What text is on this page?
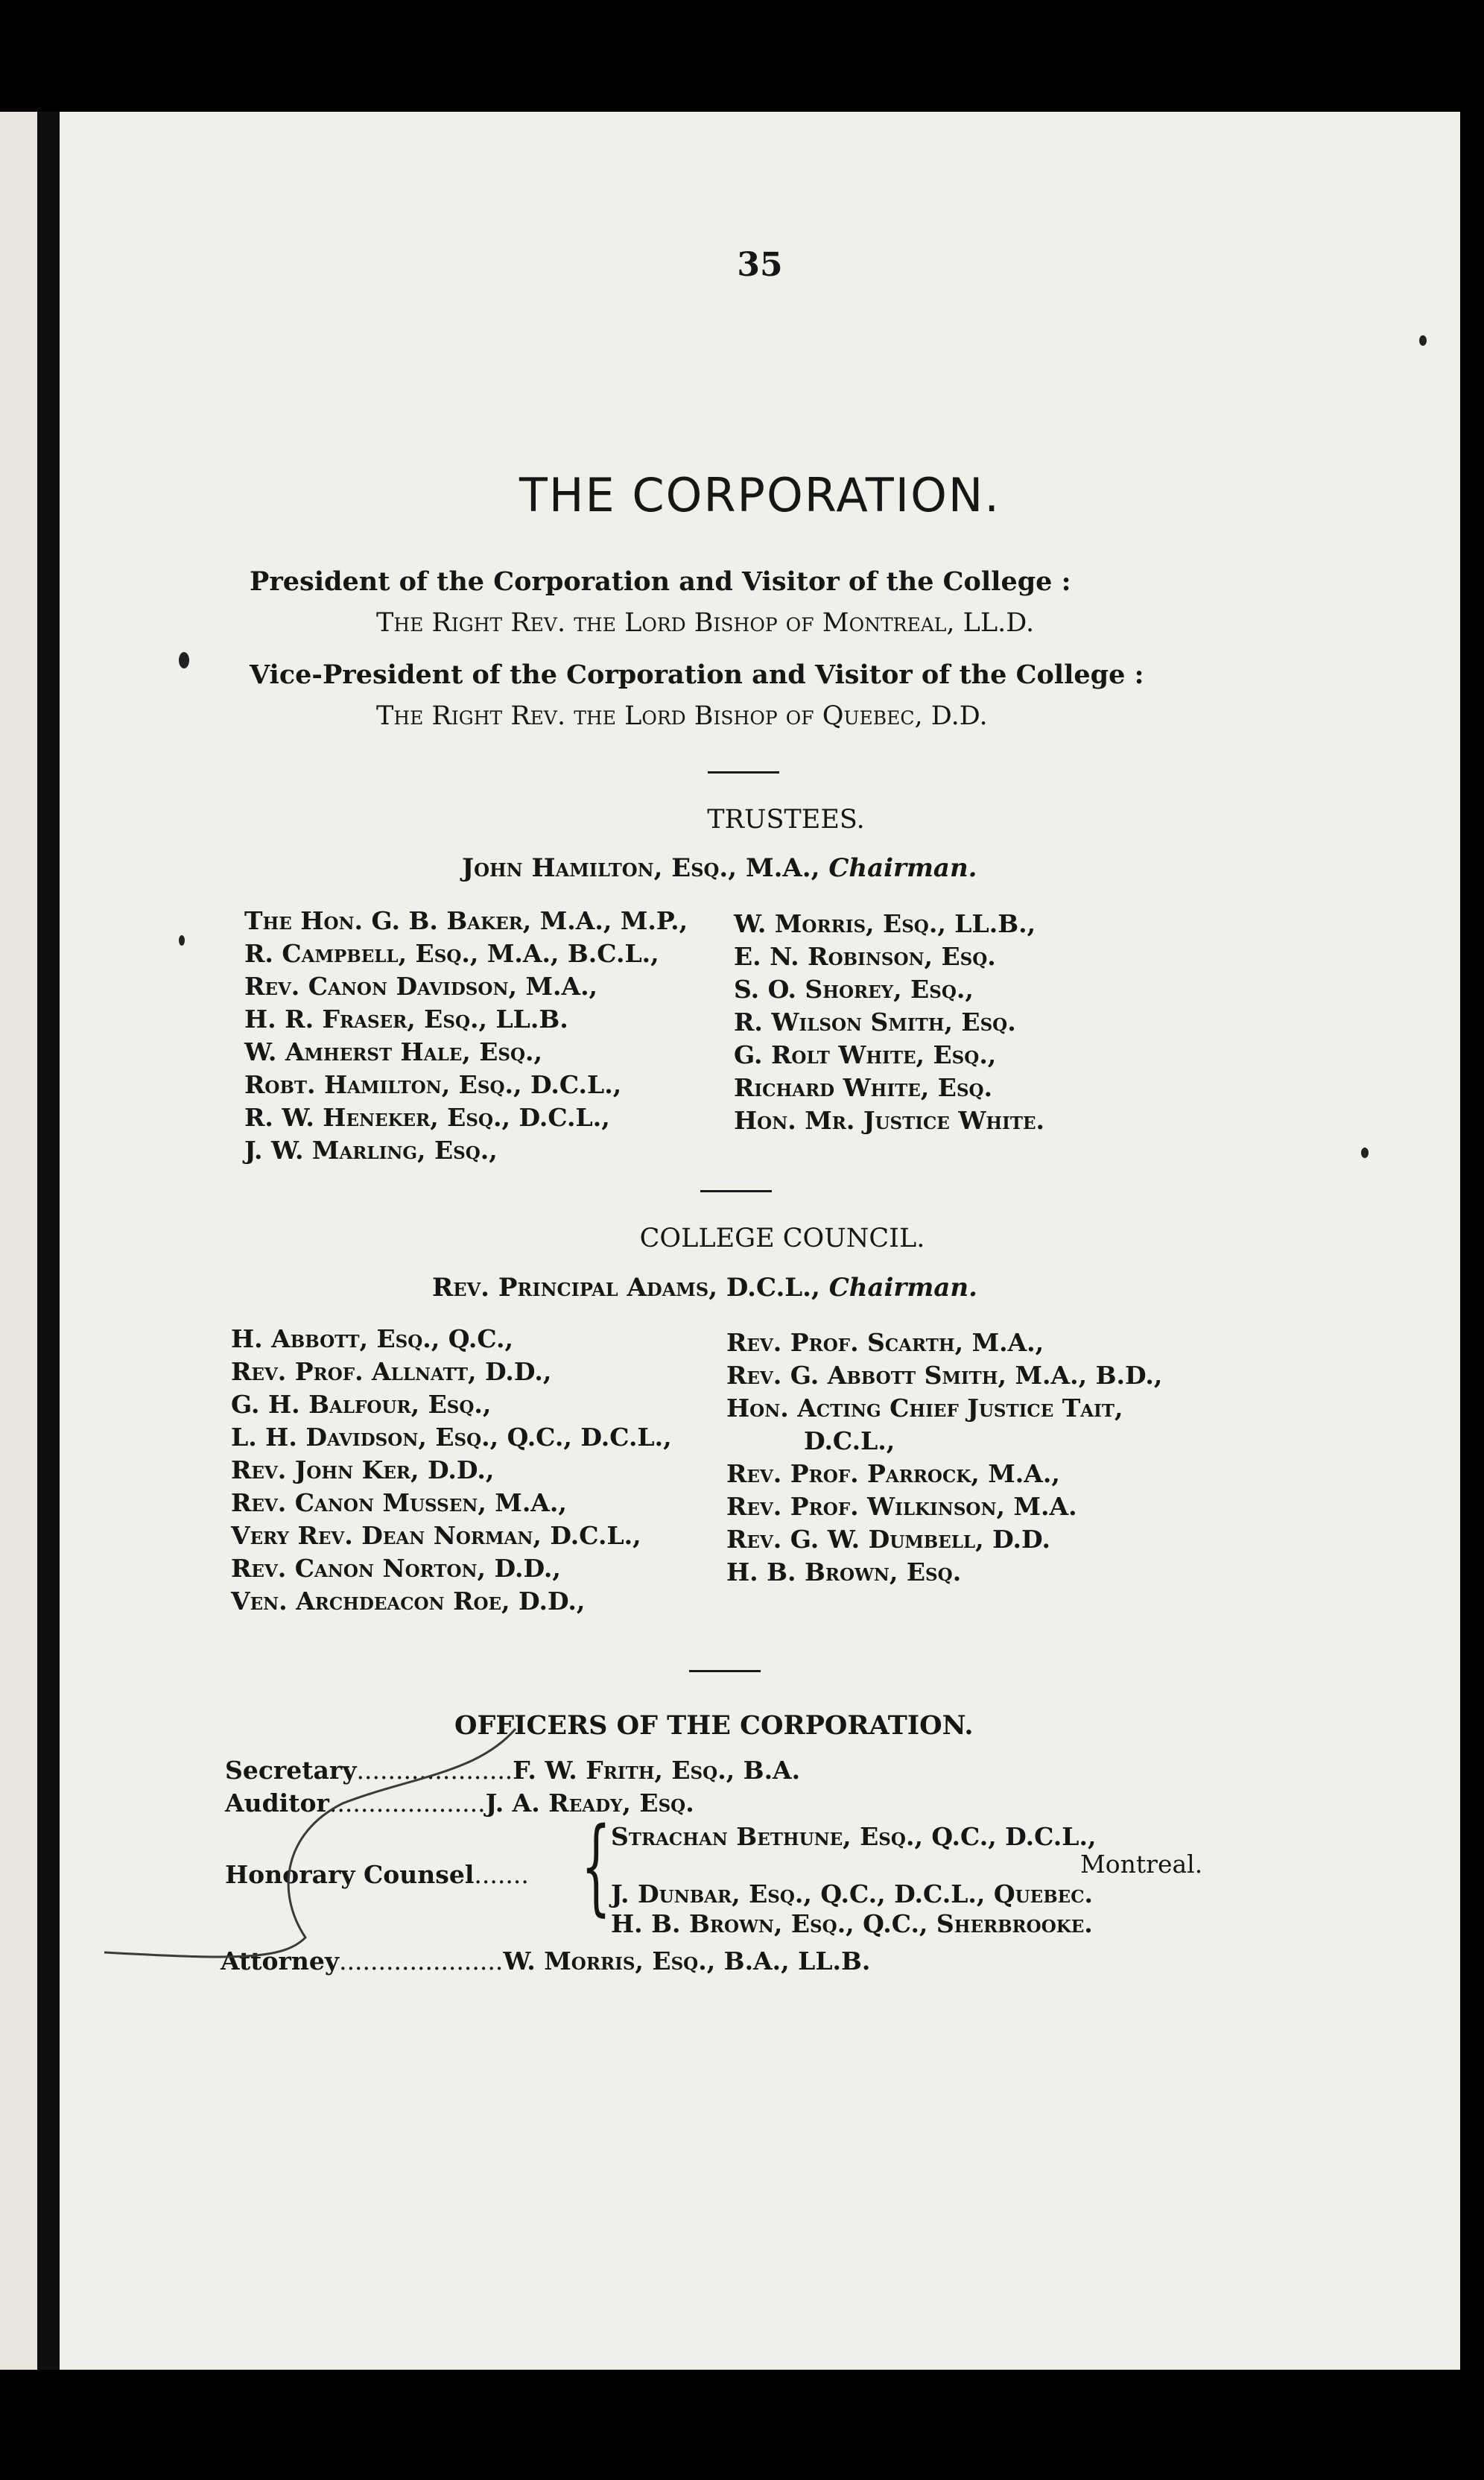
35
THE CORPORATION.
President of the Corporation and Visitor of the College :
The Right Rev. the Lord Bishop of Montreal, LL.D.
Vice-President of the Corporation and Visitor of the College :
The Right Rev. the Lord Bishop of Quebec, D.D.
TRUSTEES.
John Hamilton, Esq., M.A., Chairman.
The Hon. G. B. Baker, M.A., M.P.,
R. Campbell, Esq., M.A., B.C.L.,
Rev. Canon Davidson, M.A.,
H. R. Fraser, Esq., LL.B.
W. Amherst Hale, Esq.,
Robt. Hamilton, Esq., D.C.L.,
R. W. Heneker, Esq., D.C.L.,
J. W. Marling, Esq.,
W. Morris, Esq., LL.B.,
E. N. Robinson, Esq.
S. O. Shorey, Esq.,
R. Wilson Smith, Esq.
G. Rolt White, Esq.,
Richard White, Esq.
Hon. Mr. Justice White.
COLLEGE COUNCIL.
Rev. Principal Adams, D.C.L., Chairman.
H. Abbott, Esq., Q.C.,
Rev. Prof. Allnatt, D.D.,
G. H. Balfour, Esq.,
L. H. Davidson, Esq., Q.C., D.C.L.,
Rev. John Ker, D.D.,
Rev. Canon Mussen, M.A.,
Very Rev. Dean Norman, D.C.L.,
Rev. Canon Norton, D.D.,
Ven. Archdeacon Roe, D.D.,
Rev. Prof. Scarth, M.A.,
Rev. G. Abbott Smith, M.A., B.D.,
Hon. Acting Chief Justice Tait,
D.C.L.,
Rev. Prof. Parrock, M.A.,
Rev. Prof. Wilkinson, M.A.
Rev. G. W. Dumbell, D.D.
H. B. Brown, Esq.
OFFICERS OF THE CORPORATION.
Secretary....................F. W. Frith, Esq., B.A.
Auditor....................J. A. Ready, Esq.
Honorary Counsel....... { Strachan Bethune, Esq., Q.C., D.C.L.,
Montreal.
J. Dunbar, Esq., Q.C., D.C.L., Quebec.
H. B. Brown, Esq., Q.C., Sherbrooke.
Attorney.....................W. Morris, Esq., B.A., LL.B.
